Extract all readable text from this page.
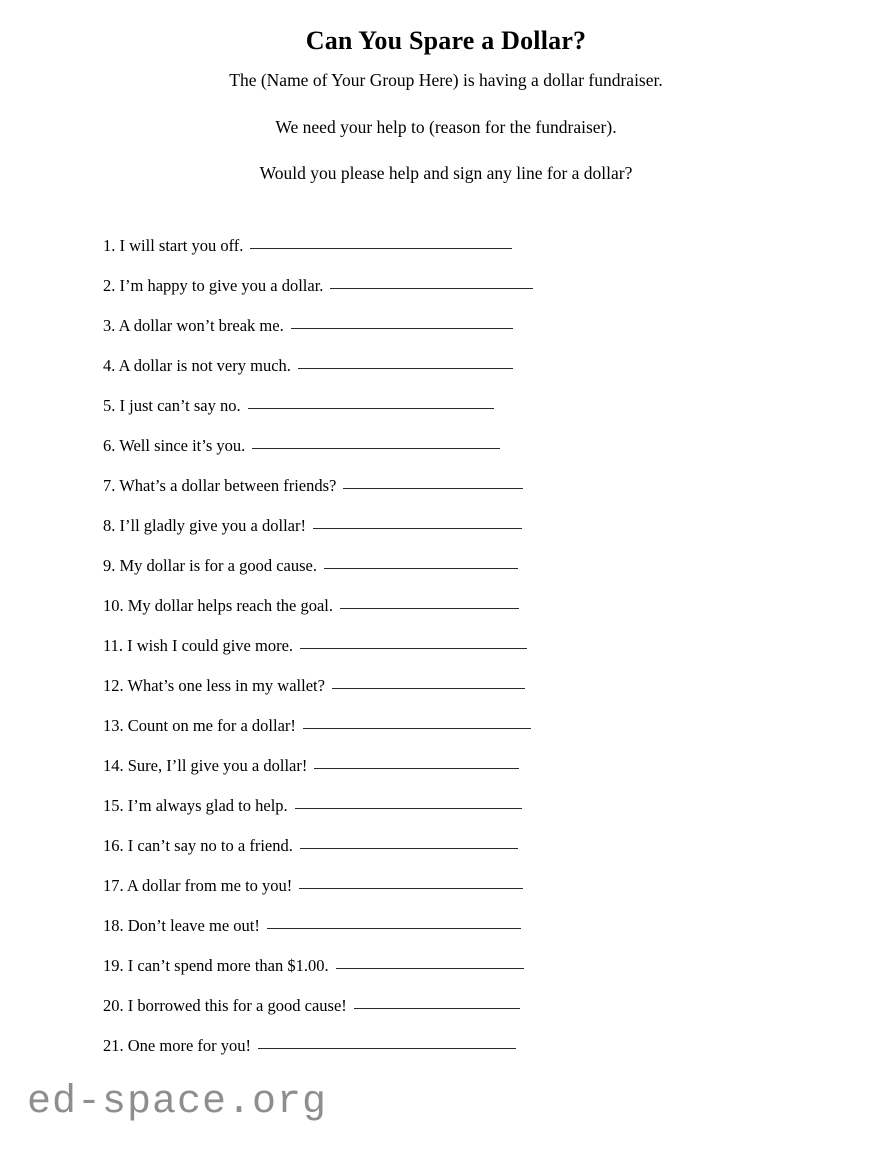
Can You Spare a Dollar?

The (Name of Your Group Here) is having a dollar fundraiser.

We need your help to (reason for the fundraiser).

Would you please help and sign any line for a dollar?

1. I will start you off.
2. I’m happy to give you a dollar.
3. A dollar won’t break me.
4. A dollar is not very much.
5. I just can’t say no.
6. Well since it’s you.
7. What’s a dollar between friends?
8. I’ll gladly give you a dollar!
9. My dollar is for a good cause.
10. My dollar helps reach the goal.
11. I wish I could give more.
12. What’s one less in my wallet?
13. Count on me for a dollar!
14. Sure, I’ll give you a dollar!
15. I’m always glad to help.
16. I can’t say no to a friend.
17. A dollar from me to you!
18. Don’t leave me out!
19. I can’t spend more than $1.00.
20. I borrowed this for a good cause!
21. One more for you!
ed-space.org
